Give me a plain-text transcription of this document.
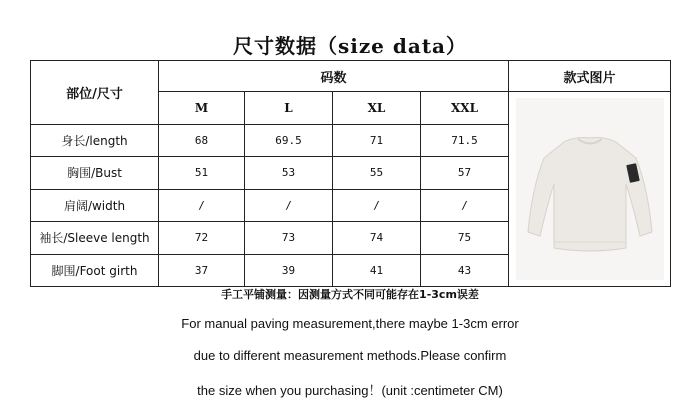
尺寸数据（size data）
部位/尺寸	码数				款式图片
	M	L	XL	XXL	

身长/length	68	69.5	71	71.5	
胸围/Bust	51	53	55	57	
肩阔/width	/	/	/	/	
袖长/Sleeve length	72	73	74	75	
脚围/Foot girth	37	39	41	43	
手工平铺测量：因测量方式不同可能存在1-3cm误差
For manual paving measurement,there maybe 1-3cm error
due to different measurement methods.Please confirm
the size when you purchasing！(unit :centimeter CM)
